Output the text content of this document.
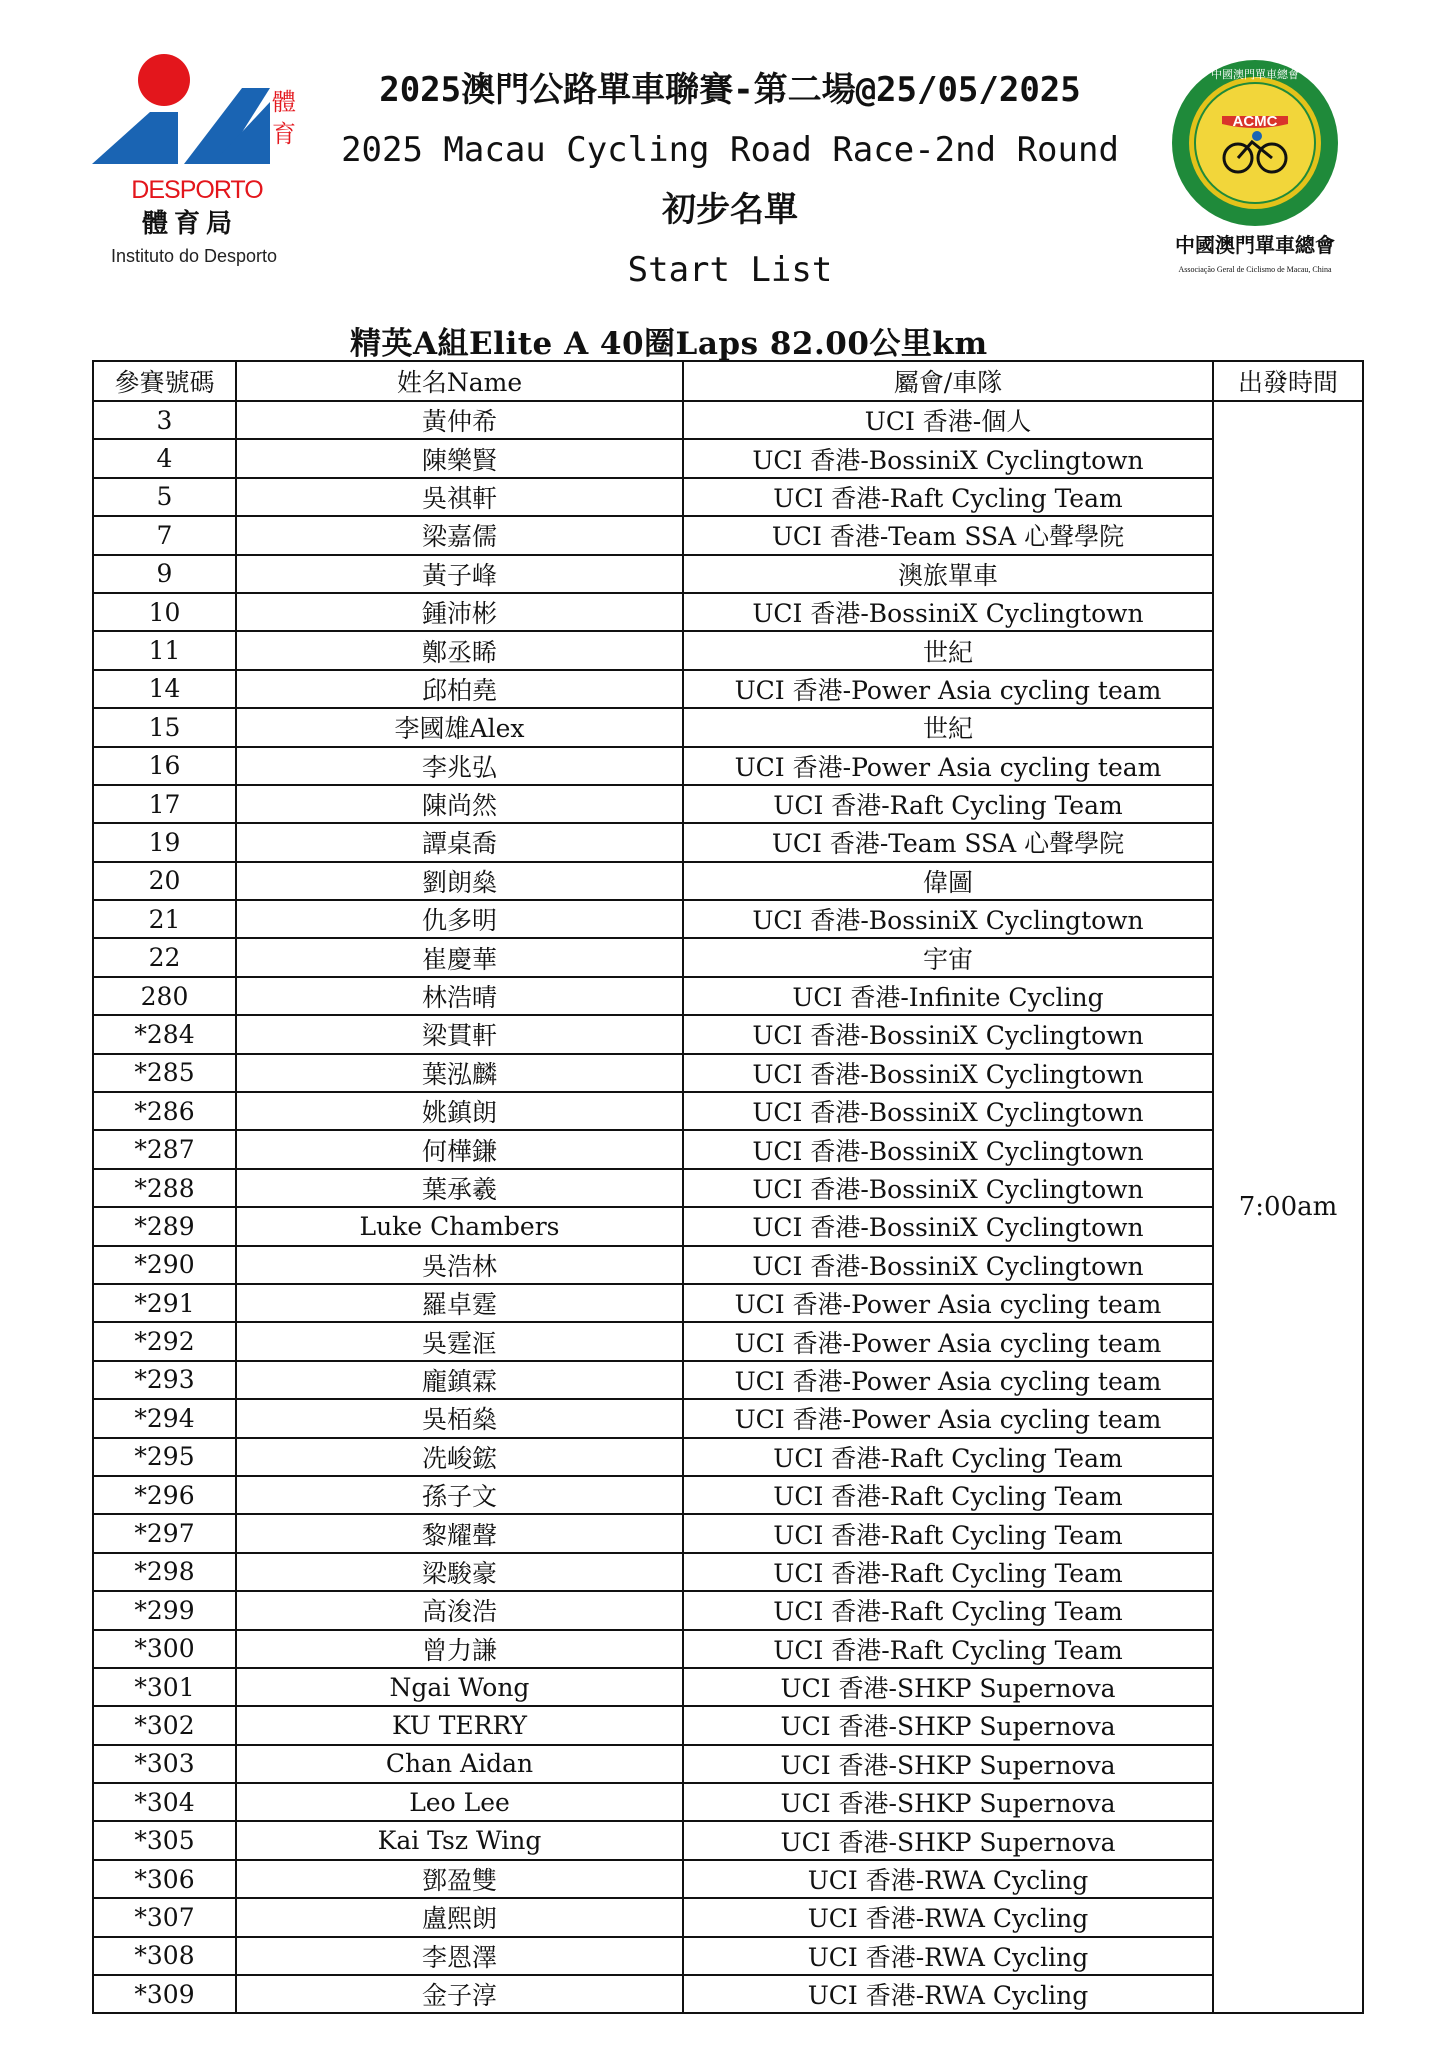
體
育
DESPORTO
體育局
Instituto do Desporto
2025澳門公路單車聯賽-第二場@25/05/2025
2025 Macau Cycling Road Race-2nd Round
初步名單
Start List
ACMC
中國澳門單車總會
中國澳門單車總會
Associação Geral de Ciclismo de Macau, China
精英A組Elite A 40圈Laps 82.00公里km
參賽號碼	姓名Name	屬會/車隊	出發時間
3	黃仲希	UCI 香港-個人	7:00am
4	陳樂賢	UCI 香港-BossiniX Cyclingtown	
5	吳祺軒	UCI 香港-Raft Cycling Team	
7	梁嘉儒	UCI 香港-Team SSA 心聲學院	
9	黃子峰	澳旅單車	
10	鍾沛彬	UCI 香港-BossiniX Cyclingtown	
11	鄭丞睎	世紀	
14	邱柏堯	UCI 香港-Power Asia cycling team	
15	李國雄Alex	世紀	
16	李兆弘	UCI 香港-Power Asia cycling team	
17	陳尚然	UCI 香港-Raft Cycling Team	
19	譚桌喬	UCI 香港-Team SSA 心聲學院	
20	劉朗燊	偉圖	
21	仇多明	UCI 香港-BossiniX Cyclingtown	
22	崔慶華	宇宙	
280	林浩晴	UCI 香港-Infinite Cycling	
*284	梁貫軒	UCI 香港-BossiniX Cyclingtown	
*285	葉泓麟	UCI 香港-BossiniX Cyclingtown	
*286	姚鎮朗	UCI 香港-BossiniX Cyclingtown	
*287	何樺鎌	UCI 香港-BossiniX Cyclingtown	
*288	葉承羲	UCI 香港-BossiniX Cyclingtown	
*289	Luke Chambers	UCI 香港-BossiniX Cyclingtown	
*290	吳浩林	UCI 香港-BossiniX Cyclingtown	
*291	羅卓霆	UCI 香港-Power Asia cycling team	
*292	吳霆洭	UCI 香港-Power Asia cycling team	
*293	龐鎮霖	UCI 香港-Power Asia cycling team	
*294	吳栢燊	UCI 香港-Power Asia cycling team	
*295	冼峻鋐	UCI 香港-Raft Cycling Team	
*296	孫子文	UCI 香港-Raft Cycling Team	
*297	黎耀聲	UCI 香港-Raft Cycling Team	
*298	梁駿豪	UCI 香港-Raft Cycling Team	
*299	高浚浩	UCI 香港-Raft Cycling Team	
*300	曾力謙	UCI 香港-Raft Cycling Team	
*301	Ngai Wong	UCI 香港-SHKP Supernova	
*302	KU TERRY	UCI 香港-SHKP Supernova	
*303	Chan Aidan	UCI 香港-SHKP Supernova	
*304	Leo Lee	UCI 香港-SHKP Supernova	
*305	Kai Tsz Wing	UCI 香港-SHKP Supernova	
*306	鄧盈雙	UCI 香港-RWA Cycling	
*307	盧熙朗	UCI 香港-RWA Cycling	
*308	李恩澤	UCI 香港-RWA Cycling	
*309	金子淳	UCI 香港-RWA Cycling	
